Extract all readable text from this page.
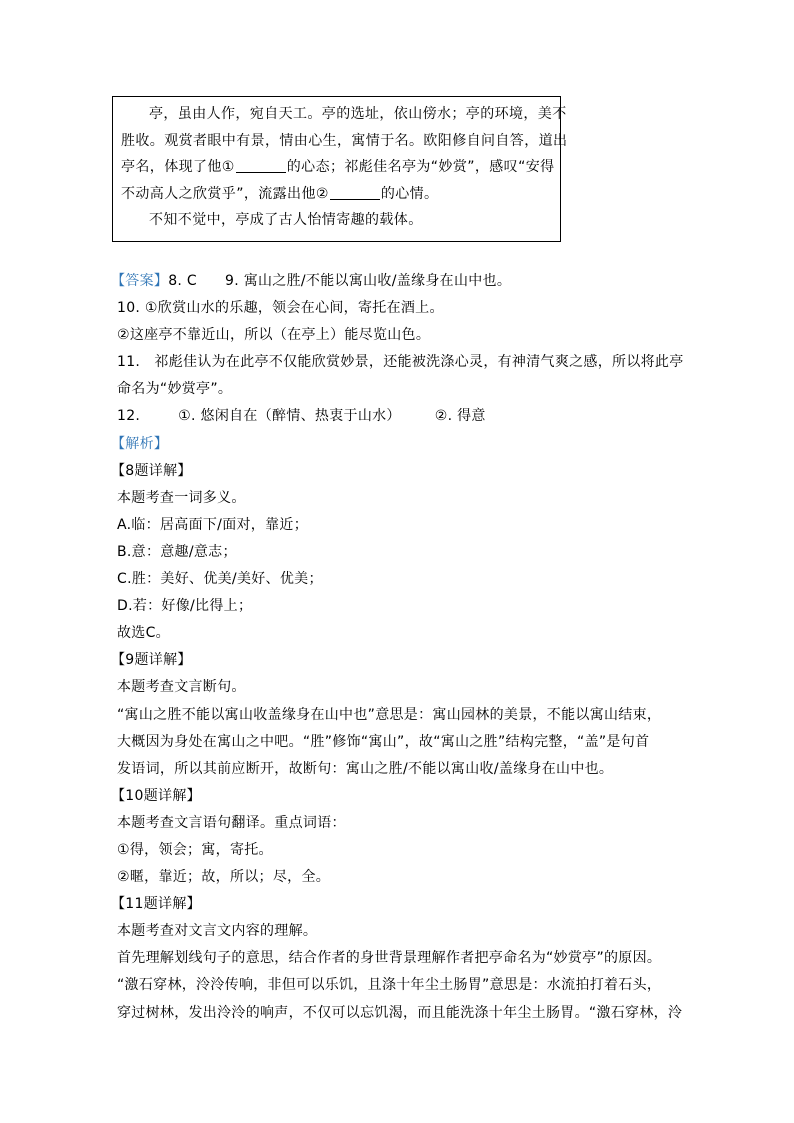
亭，虽由人作，宛自天工。亭的选址，依山傍水；亭的环境，美不
胜收。观赏者眼中有景，情由心生，寓情于名。欧阳修自问自答，道出
亭名，体现了他①	的心态；祁彪佳名亭为“妙赏”，感叹“安得
不动高人之欣赏乎”，流露出他②	的心情。
不知不觉中，亭成了古人怡情寄趣的载体。
【答案】8. C 9. 寓山之胜/不能以寓山收/盖缘身在山中也。
10. ①欣赏山水的乐趣，领会在心间，寄托在酒上。
②这座亭不靠近山，所以（在亭上）能尽览山色。
11.   祁彪佳认为在此亭不仅能欣赏妙景，还能被洗涤心灵，有神清气爽之感，所以将此亭
命名为“妙赏亭”。
12.	①. 悠闲自在（醉情、热衷于山水） ②. 得意
【解析】
【8题详解】
本题考查一词多义。
A.临：居高面下/面对，靠近；
B.意：意趣/意志；
C.胜：美好、优美/美好、优美；
D.若：好像/比得上；
故选C。
【9题详解】
本题考查文言断句。
“寓山之胜不能以寓山收盖缘身在山中也”意思是：寓山园林的美景，不能以寓山结束，
大概因为身处在寓山之中吧。“胜”修饰“寓山”，故“寓山之胜”结构完整，“盖”是句首
发语词，所以其前应断开，故断句：寓山之胜/不能以寓山收/盖缘身在山中也。
【10题详解】
本题考查文言语句翻译。重点词语：
①得，领会；寓，寄托。
②暱，靠近；故，所以；尽，全。
【11题详解】
本题考查对文言文内容的理解。
首先理解划线句子的意思，结合作者的身世背景理解作者把亭命名为“妙赏亭”的原因。
“激石穿林，泠泠传响，非但可以乐饥，且涤十年尘土肠胃”意思是：水流拍打着石头，
穿过树林，发出泠泠的响声，不仅可以忘饥渴，而且能洗涤十年尘土肠胃。“激石穿林，泠
